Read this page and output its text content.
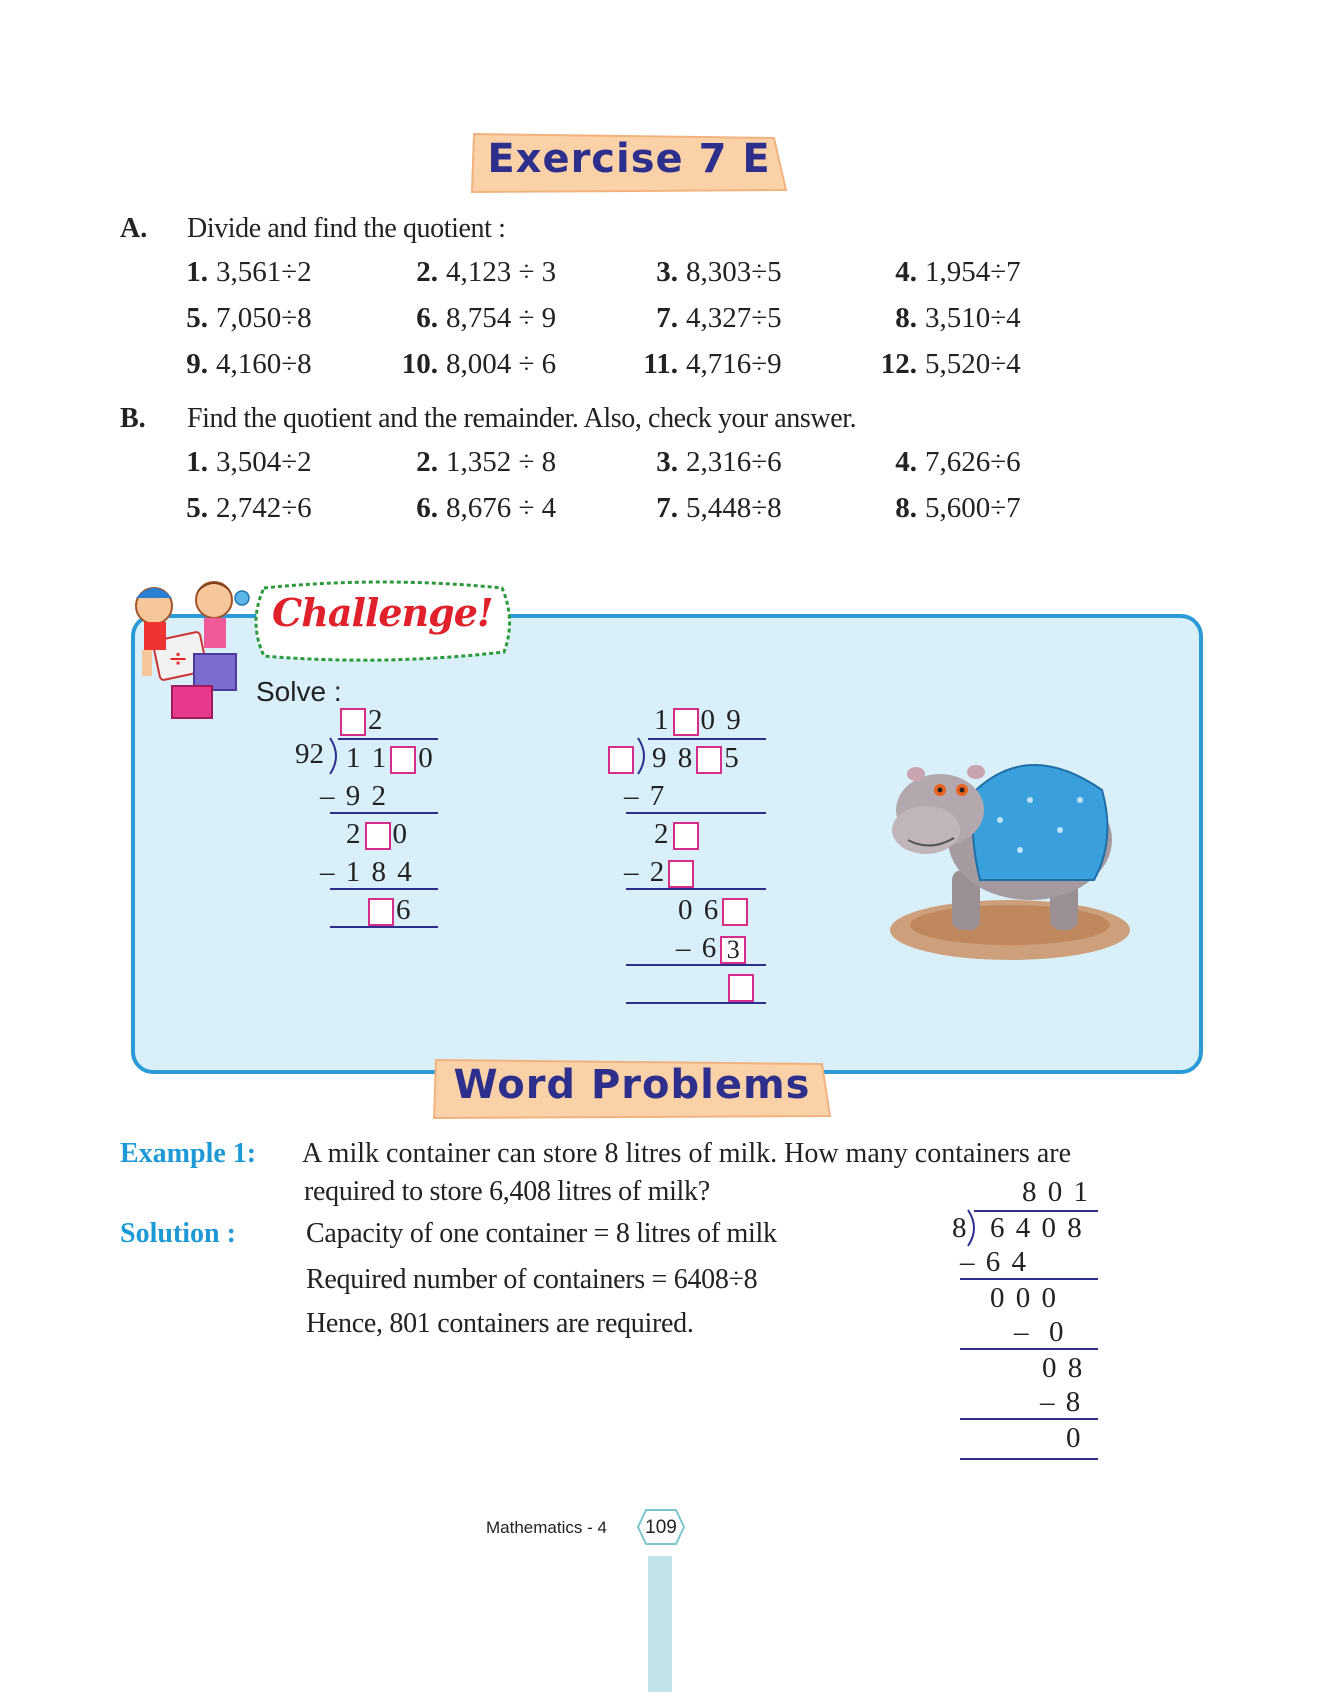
Exercise 7 E
A. Divide and find the quotient :
1. 3,561÷2	2. 4,123 ÷ 3	3. 8,303÷5	4. 1,954÷7
5. 7,050÷8	6. 8,754 ÷ 9	7. 4,327÷5	8. 3,510÷4
9. 4,160÷8	10. 8,004 ÷ 6	11. 4,716÷9	12. 5,520÷4
B. Find the quotient and the remainder. Also, check your answer.
1. 3,504÷2	2. 1,352 ÷ 8	3. 2,316÷6	4. 7,626÷6
5. 2,742÷6	6. 8,676 ÷ 4	7. 5,448÷8	8. 5,600÷7
÷
Challenge!
Solve :
2
92 1 1 0
– 9 2
2 0
– 1 8 4
6
1 0 9
9 8 5
– 7
2
– 2
0 6
– 6 3
Word Problems
Example 1: A milk container can store 8 litres of milk. How many containers are
required to store 6,408 litres of milk?
Solution :	Capacity of one container = 8 litres of milk
Required number of containers = 6408÷8
Hence, 801 containers are required.
8 0 1
8 6 4 0 8
– 6 4
0 0 0
–  0
0 8
– 8
0
Mathematics - 4	109
